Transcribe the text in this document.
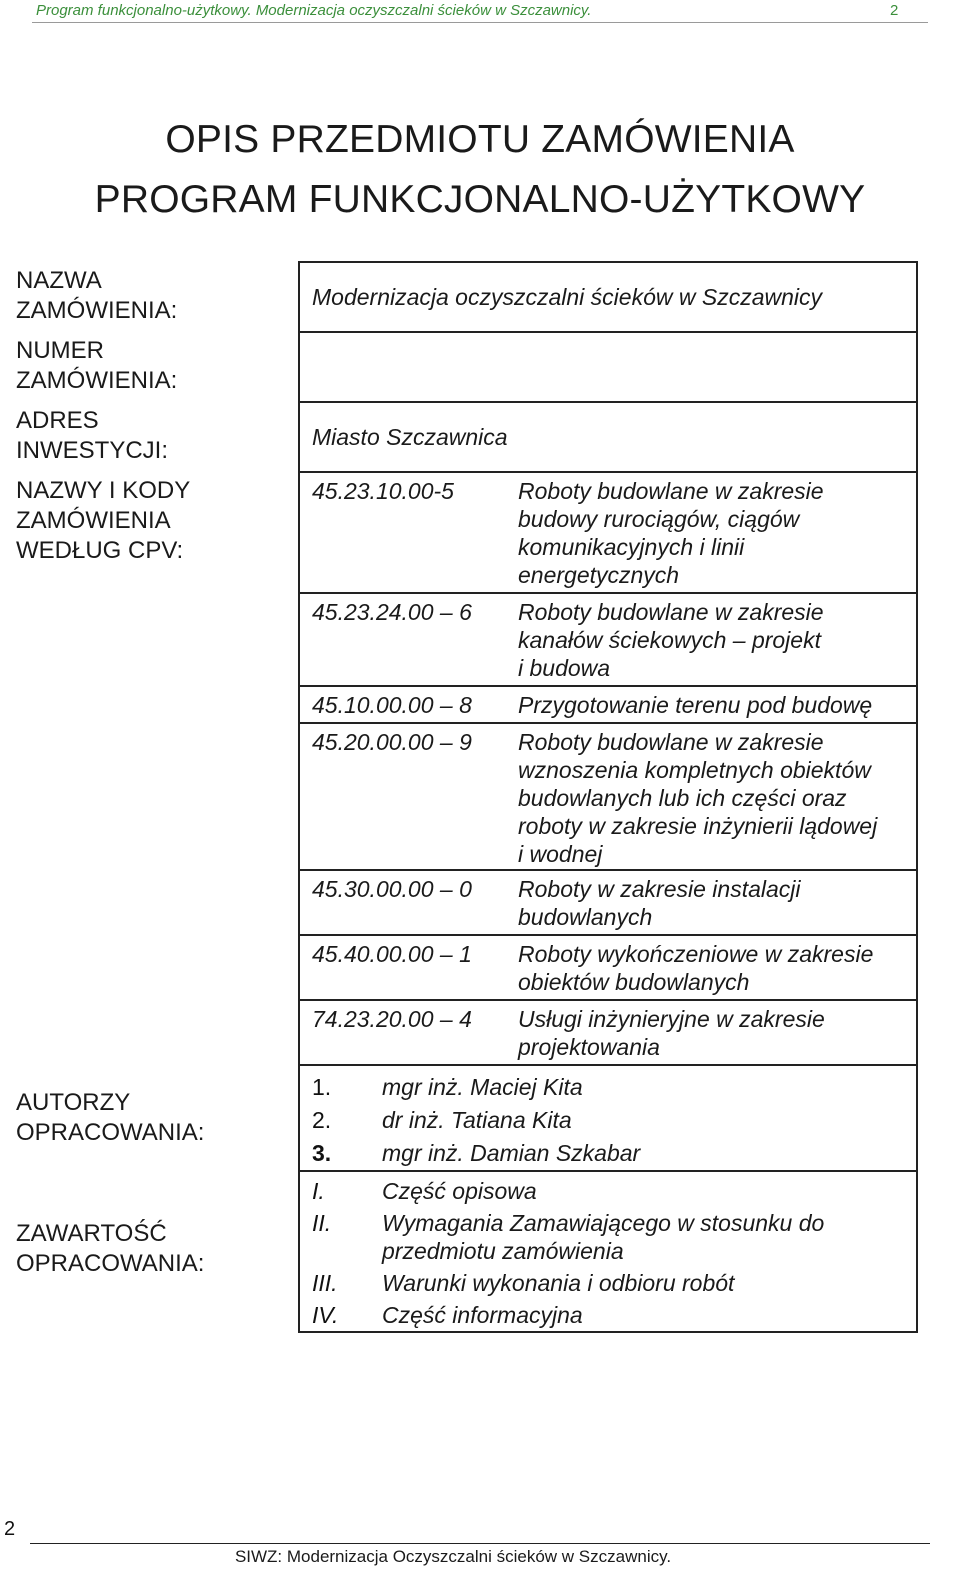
Program funkcjonalno-użytkowy. Modernizacja oczyszczalni ścieków w Szczawnicy.	2
OPIS PRZEDMIOTU ZAMÓWIENIA
PROGRAM FUNKCJONALNO-UŻYTKOWY
NAZWA
ZAMÓWIENIA:
NUMER
ZAMÓWIENIA:
ADRES
INWESTYCJI:
NAZWY I KODY
ZAMÓWIENIA
WEDŁUG CPV:
AUTORZY
OPRACOWANIA:
ZAWARTOŚĆ
OPRACOWANIA:
Modernizacja oczyszczalni ścieków w Szczawnicy
Miasto Szczawnica
45.23.10.00-5	Roboty budowlane w zakresie
budowy rurociągów, ciągów
komunikacyjnych i linii
energetycznych
45.23.24.00 – 6 Roboty budowlane w zakresie
kanałów ściekowych – projekt
i budowa
45.10.00.00 – 8 Przygotowanie terenu pod budowę
45.20.00.00 – 9 Roboty budowlane w zakresie
wznoszenia kompletnych obiektów
budowlanych lub ich części oraz
roboty w zakresie inżynierii lądowej
i wodnej
45.30.00.00 – 0 Roboty w zakresie instalacji
budowlanych
45.40.00.00 – 1 Roboty wykończeniowe w zakresie
obiektów budowlanych
74.23.20.00 – 4 Usługi inżynieryjne w zakresie
projektowania
1. mgr inż. Maciej Kita
2. dr inż. Tatiana Kita
3. mgr inż. Damian Szkabar
I. Część opisowa
II. Wymagania Zamawiającego w stosunku do
przedmiotu zamówienia
III. Warunki wykonania i odbioru robót
IV. Część informacyjna
2
SIWZ: Modernizacja Oczyszczalni ścieków w Szczawnicy.
